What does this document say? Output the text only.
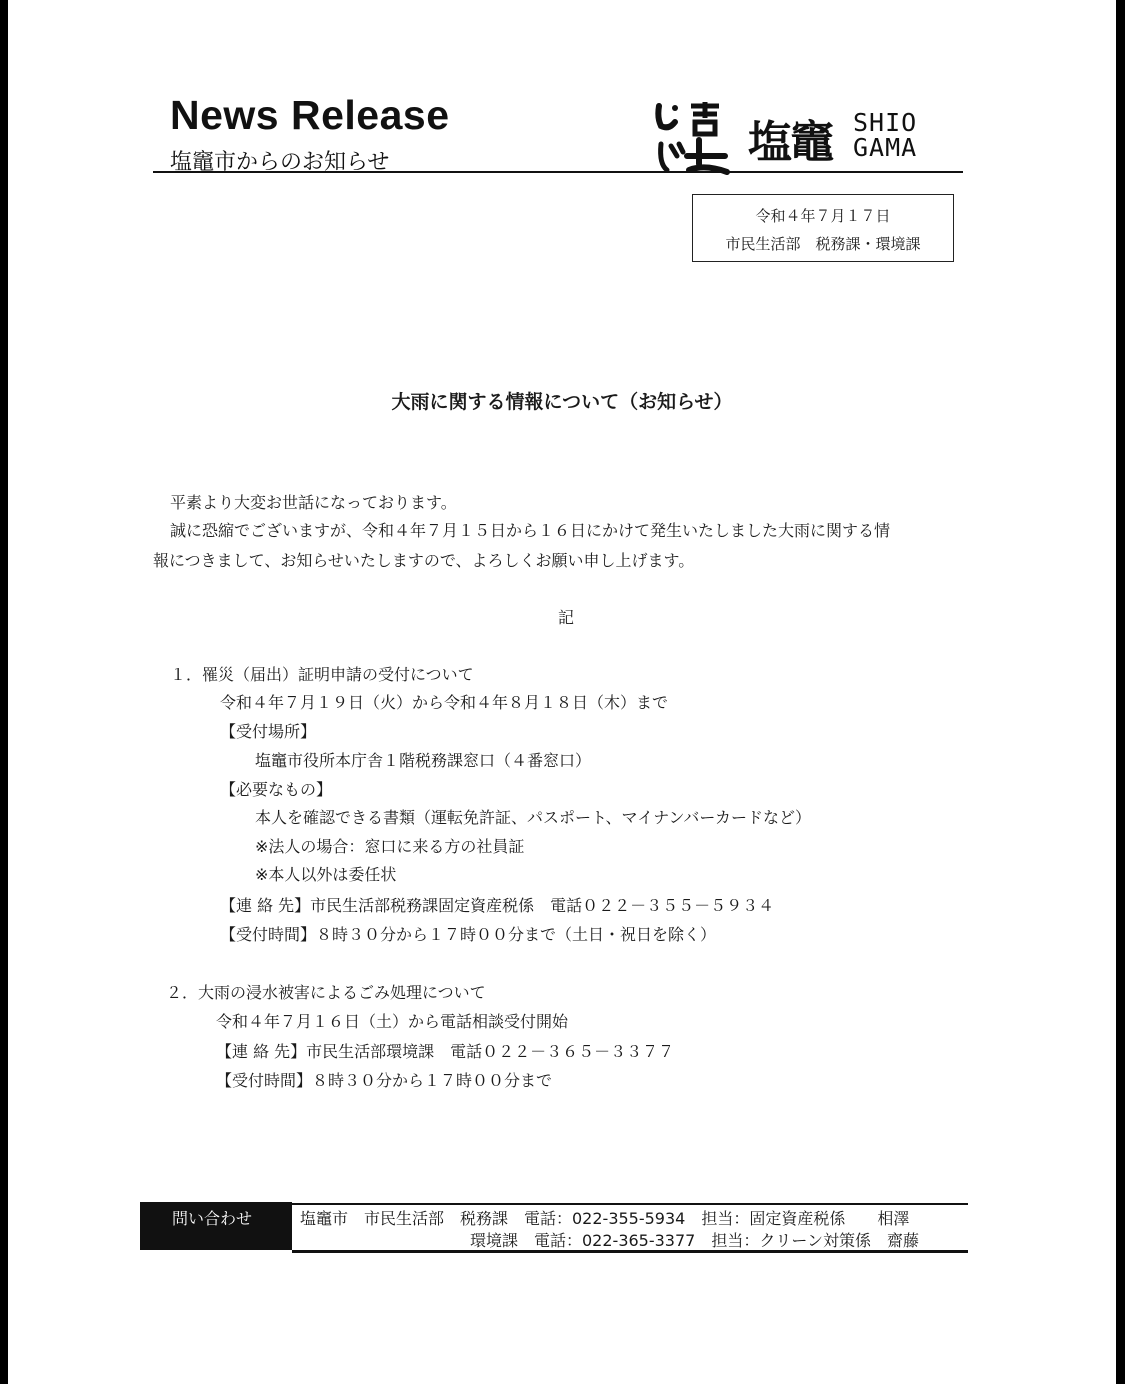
News Release
塩竈市からのお知らせ	塩竈 SHIO
GAMA
令和４年７月１７日
市民生活部　税務課・環境課
大雨に関する情報について（お知らせ）
平素より大変お世話になっております。
誠に恐縮でございますが、令和４年７月１５日から１６日にかけて発生いたしました大雨に関する情
報につきまして、お知らせいたしますので、よろしくお願い申し上げます。
記
１．罹災（届出）証明申請の受付について
令和４年７月１９日（火）から令和４年８月１８日（木）まで
【受付場所】
塩竈市役所本庁舎１階税務課窓口（４番窓口）
【必要なもの】
本人を確認できる書類（運転免許証、パスポート、マイナンバーカードなど）
※法人の場合：窓口に来る方の社員証
※本人以外は委任状
【連 絡 先】市民生活部税務課固定資産税係　電話０２２－３５５－５９３４
【受付時間】８時３０分から１７時００分まで（土日・祝日を除く）
２．大雨の浸水被害によるごみ処理について
令和４年７月１６日（土）から電話相談受付開始
【連 絡 先】市民生活部環境課　電話０２２－３６５－３３７７
【受付時間】８時３０分から１７時００分まで
問い合わせ	塩竈市　市民生活部　税務課　電話：022-355-5934　担当：固定資産税係　　相澤
環境課　電話：022-365-3377　担当：クリーン対策係　齋藤
